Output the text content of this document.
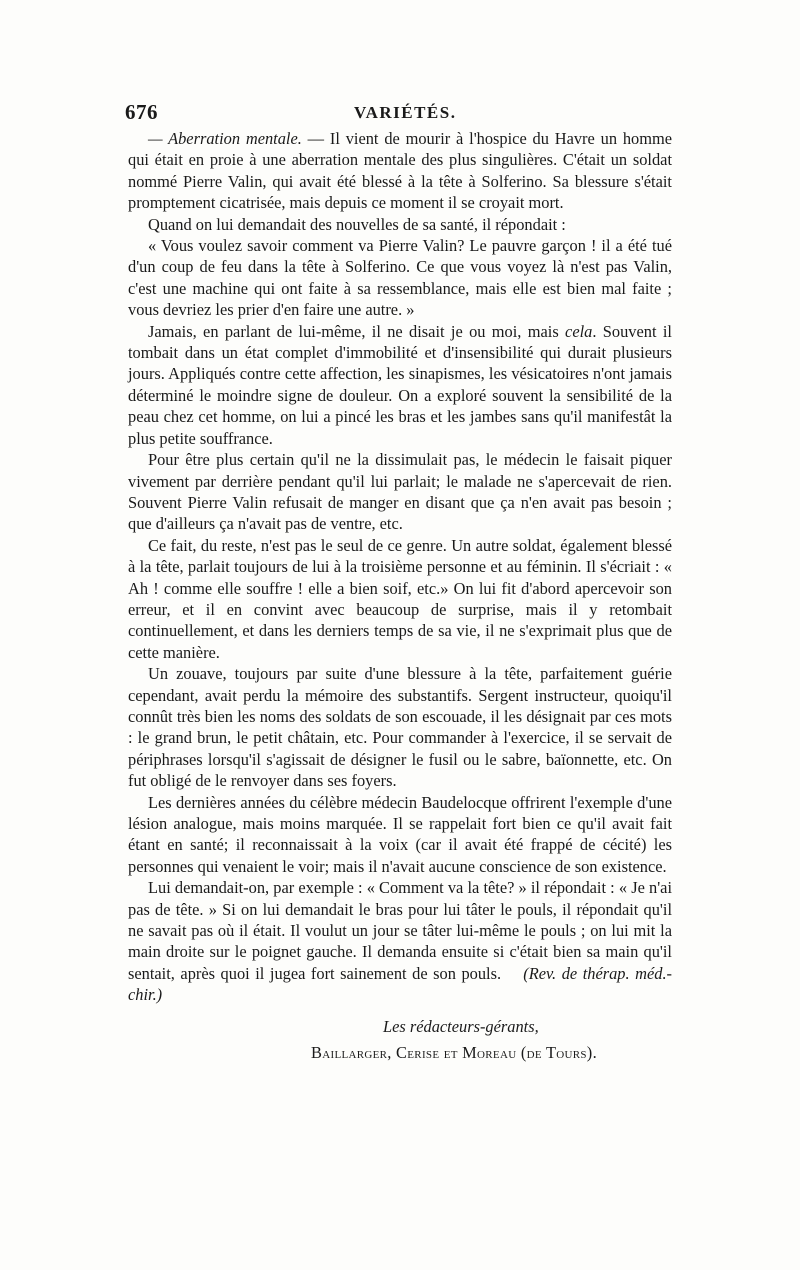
676	VARIÉTÉS.

— Aberration mentale. — Il vient de mourir à l'hospice du Havre un homme qui était en proie à une aberration mentale des plus singulières. C'était un soldat nommé Pierre Valin, qui avait été blessé à la tête à Solferino. Sa blessure s'était promptement cicatrisée, mais depuis ce moment il se croyait mort.

Quand on lui demandait des nouvelles de sa santé, il répondait :

« Vous voulez savoir comment va Pierre Valin? Le pauvre garçon ! il a été tué d'un coup de feu dans la tête à Solferino. Ce que vous voyez là n'est pas Valin, c'est une machine qui ont faite à sa ressemblance, mais elle est bien mal faite ; vous devriez les prier d'en faire une autre. »

Jamais, en parlant de lui-même, il ne disait je ou moi, mais cela. Souvent il tombait dans un état complet d'immobilité et d'insensibilité qui durait plusieurs jours. Appliqués contre cette affection, les sinapismes, les vésicatoires n'ont jamais déterminé le moindre signe de douleur. On a exploré souvent la sensibilité de la peau chez cet homme, on lui a pincé les bras et les jambes sans qu'il manifestât la plus petite souffrance.

Pour être plus certain qu'il ne la dissimulait pas, le médecin le faisait piquer vivement par derrière pendant qu'il lui parlait; le malade ne s'apercevait de rien. Souvent Pierre Valin refusait de manger en disant que ça n'en avait pas besoin ; que d'ailleurs ça n'avait pas de ventre, etc.

Ce fait, du reste, n'est pas le seul de ce genre. Un autre soldat, également blessé à la tête, parlait toujours de lui à la troisième personne et au féminin. Il s'écriait : « Ah ! comme elle souffre ! elle a bien soif, etc.» On lui fit d'abord apercevoir son erreur, et il en convint avec beaucoup de surprise, mais il y retombait continuellement, et dans les derniers temps de sa vie, il ne s'exprimait plus que de cette manière.

Un zouave, toujours par suite d'une blessure à la tête, parfaitement guérie cependant, avait perdu la mémoire des substantifs. Sergent instructeur, quoiqu'il connût très bien les noms des soldats de son escouade, il les désignait par ces mots : le grand brun, le petit châtain, etc. Pour commander à l'exercice, il se servait de périphrases lorsqu'il s'agissait de désigner le fusil ou le sabre, baïonnette, etc. On fut obligé de le renvoyer dans ses foyers.

Les dernières années du célèbre médecin Baudelocque offrirent l'exemple d'une lésion analogue, mais moins marquée. Il se rappelait fort bien ce qu'il avait fait étant en santé; il reconnaissait à la voix (car il avait été frappé de cécité) les personnes qui venaient le voir; mais il n'avait aucune conscience de son existence.

Lui demandait-on, par exemple : « Comment va la tête? » il répondait : « Je n'ai pas de tête. » Si on lui demandait le bras pour lui tâter le pouls, il répondait qu'il ne savait pas où il était. Il voulut un jour se tâter lui-même le pouls ; on lui mit la main droite sur le poignet gauche. Il demanda ensuite si c'était bien sa main qu'il sentait, après quoi il jugea fort sainement de son pouls. (Rev. de thérap. méd.-chir.)

Les rédacteurs-gérants,
Baillarger, Cerise et Moreau (de Tours).
